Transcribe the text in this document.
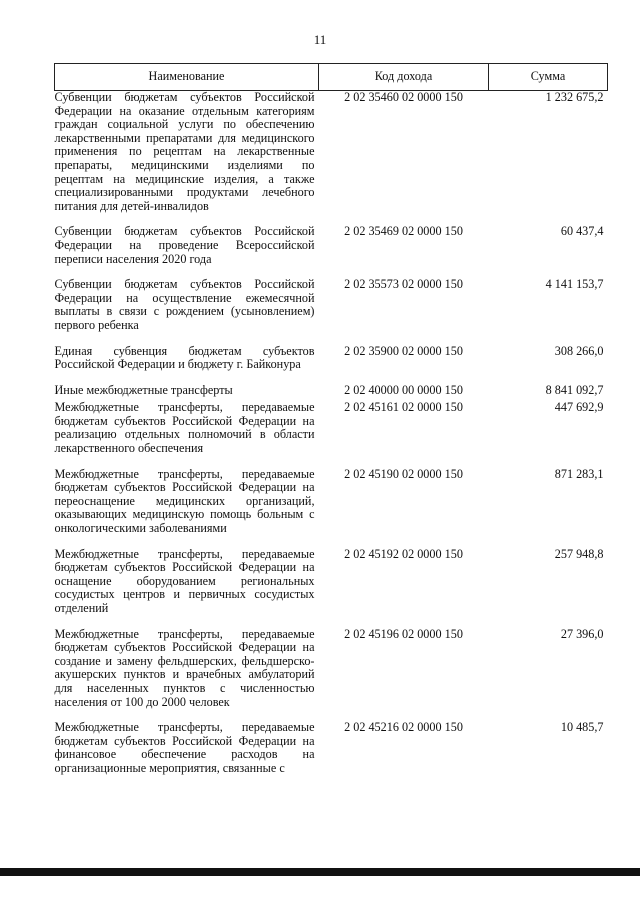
11
Наименование	Код дохода	Сумма
Субвенции бюджетам субъектов Российской Федерации на оказание отдельным категориям граждан социальной услуги по обеспечению лекарственными препаратами для медицинского применения по рецептам на лекарственные препараты, медицинскими изделиями по рецептам на медицинские изделия, а также специализированными продуктами лечебного питания для детей-инвалидов	2 02 35460 02 0000 150	1 232 675,2
Субвенции бюджетам субъектов Российской Федерации на проведение Всероссийской переписи населения 2020 года	2 02 35469 02 0000 150	60 437,4
Субвенции бюджетам субъектов Российской Федерации на осуществление ежемесячной выплаты в связи с рождением (усыновлением) первого ребенка	2 02 35573 02 0000 150	4 141 153,7
Единая субвенция бюджетам субъектов Российской Федерации и бюджету г. Байконура	2 02 35900 02 0000 150	308 266,0
Иные межбюджетные трансферты	2 02 40000 00 0000 150	8 841 092,7
Межбюджетные трансферты, передаваемые бюджетам субъектов Российской Федерации на реализацию отдельных полномочий в области лекарственного обеспечения	2 02 45161 02 0000 150	447 692,9
Межбюджетные трансферты, передаваемые бюджетам субъектов Российской Федерации на переоснащение медицинских организаций, оказывающих медицинскую помощь больным с онкологическими заболеваниями	2 02 45190 02 0000 150	871 283,1
Межбюджетные трансферты, передаваемые бюджетам субъектов Российской Федерации на оснащение оборудованием региональных сосудистых центров и первичных сосудистых отделений	2 02 45192 02 0000 150	257 948,8
Межбюджетные трансферты, передаваемые бюджетам субъектов Российской Федерации на создание и замену фельдшерских, фельдшерско-акушерских пунктов и врачебных амбулаторий для населенных пунктов с численностью населения от 100 до 2000 человек	2 02 45196 02 0000 150	27 396,0
Межбюджетные трансферты, передаваемые бюджетам субъектов Российской Федерации на финансовое обеспечение расходов на организационные мероприятия, связанные с	2 02 45216 02 0000 150	10 485,7
